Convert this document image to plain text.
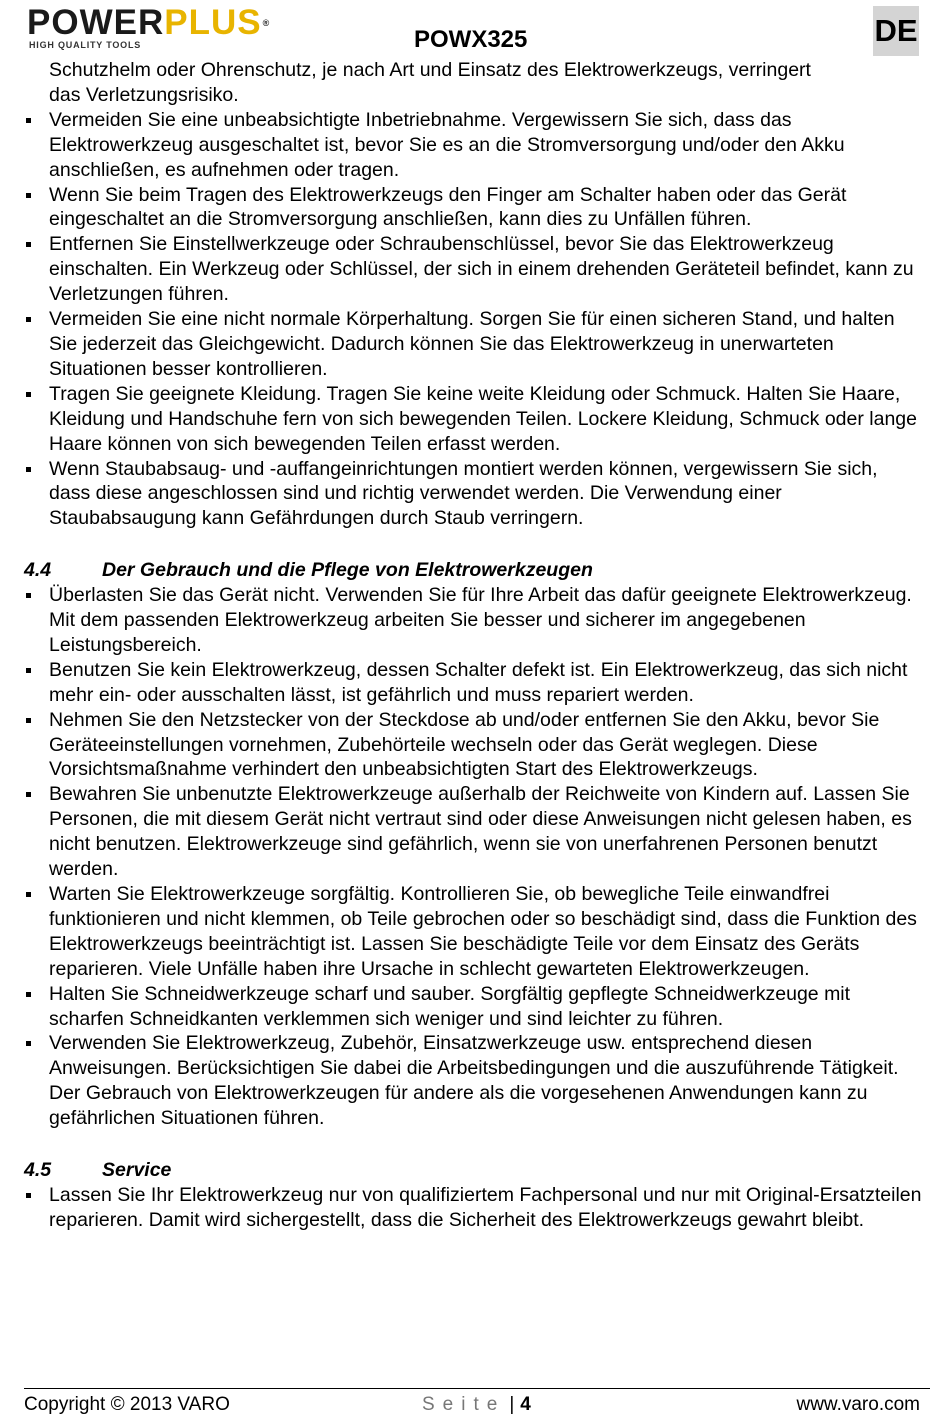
POWERPLUS®
HIGH QUALITY TOOLS	POWX325	DE

Schutzhelm oder Ohrenschutz, je nach Art und Einsatz des Elektrowerkzeugs, verringert
das Verletzungsrisiko.

Vermeiden Sie eine unbeabsichtigte Inbetriebnahme. Vergewissern Sie sich, dass das Elektrowerkzeug ausgeschaltet ist, bevor Sie es an die Stromversorgung und/oder den Akku anschließen, es aufnehmen oder tragen.
Wenn Sie beim Tragen des Elektrowerkzeugs den Finger am Schalter haben oder das Gerät eingeschaltet an die Stromversorgung anschließen, kann dies zu Unfällen führen.
Entfernen Sie Einstellwerkzeuge oder Schraubenschlüssel, bevor Sie das Elektrowerkzeug einschalten. Ein Werkzeug oder Schlüssel, der sich in einem drehenden Geräteteil befindet, kann zu Verletzungen führen.
Vermeiden Sie eine nicht normale Körperhaltung. Sorgen Sie für einen sicheren Stand, und halten Sie jederzeit das Gleichgewicht. Dadurch können Sie das Elektrowerkzeug in unerwarteten Situationen besser kontrollieren.
Tragen Sie geeignete Kleidung. Tragen Sie keine weite Kleidung oder Schmuck. Halten Sie Haare, Kleidung und Handschuhe fern von sich bewegenden Teilen. Lockere Kleidung, Schmuck oder lange Haare können von sich bewegenden Teilen erfasst werden.
Wenn Staubabsaug- und -auffangeinrichtungen montiert werden können, vergewissern Sie sich, dass diese angeschlossen sind und richtig verwendet werden. Die Verwendung einer Staubabsaugung kann Gefährdungen durch Staub verringern.
4.4	Der Gebrauch und die Pflege von Elektrowerkzeugen
Überlasten Sie das Gerät nicht. Verwenden Sie für Ihre Arbeit das dafür geeignete Elektrowerkzeug. Mit dem passenden Elektrowerkzeug arbeiten Sie besser und sicherer im angegebenen Leistungsbereich.
Benutzen Sie kein Elektrowerkzeug, dessen Schalter defekt ist. Ein Elektrowerkzeug, das sich nicht mehr ein- oder ausschalten lässt, ist gefährlich und muss repariert werden.
Nehmen Sie den Netzstecker von der Steckdose ab und/oder entfernen Sie den Akku, bevor Sie Geräteeinstellungen vornehmen, Zubehörteile wechseln oder das Gerät weglegen. Diese Vorsichtsmaßnahme verhindert den unbeabsichtigten Start des Elektrowerkzeugs.
Bewahren Sie unbenutzte Elektrowerkzeuge außerhalb der Reichweite von Kindern auf. Lassen Sie Personen, die mit diesem Gerät nicht vertraut sind oder diese Anweisungen nicht gelesen haben, es nicht benutzen. Elektrowerkzeuge sind gefährlich, wenn sie von unerfahrenen Personen benutzt werden.
Warten Sie Elektrowerkzeuge sorgfältig. Kontrollieren Sie, ob bewegliche Teile einwandfrei funktionieren und nicht klemmen, ob Teile gebrochen oder so beschädigt sind, dass die Funktion des Elektrowerkzeugs beeinträchtigt ist. Lassen Sie beschädigte Teile vor dem Einsatz des Geräts reparieren. Viele Unfälle haben ihre Ursache in schlecht gewarteten Elektrowerkzeugen.
Halten Sie Schneidwerkzeuge scharf und sauber. Sorgfältig gepflegte Schneidwerkzeuge mit scharfen Schneidkanten verklemmen sich weniger und sind leichter zu führen.
Verwenden Sie Elektrowerkzeug, Zubehör, Einsatzwerkzeuge usw. entsprechend diesen Anweisungen. Berücksichtigen Sie dabei die Arbeitsbedingungen und die auszuführende Tätigkeit. Der Gebrauch von Elektrowerkzeugen für andere als die vorgesehenen Anwendungen kann zu gefährlichen Situationen führen.
4.5	Service
Lassen Sie Ihr Elektrowerkzeug nur von qualifiziertem Fachpersonal und nur mit Original-Ersatzteilen reparieren. Damit wird sichergestellt, dass die Sicherheit des Elektrowerkzeugs gewahrt bleibt.
Copyright © 2013 VARO	Seite | 4	www.varo.com
